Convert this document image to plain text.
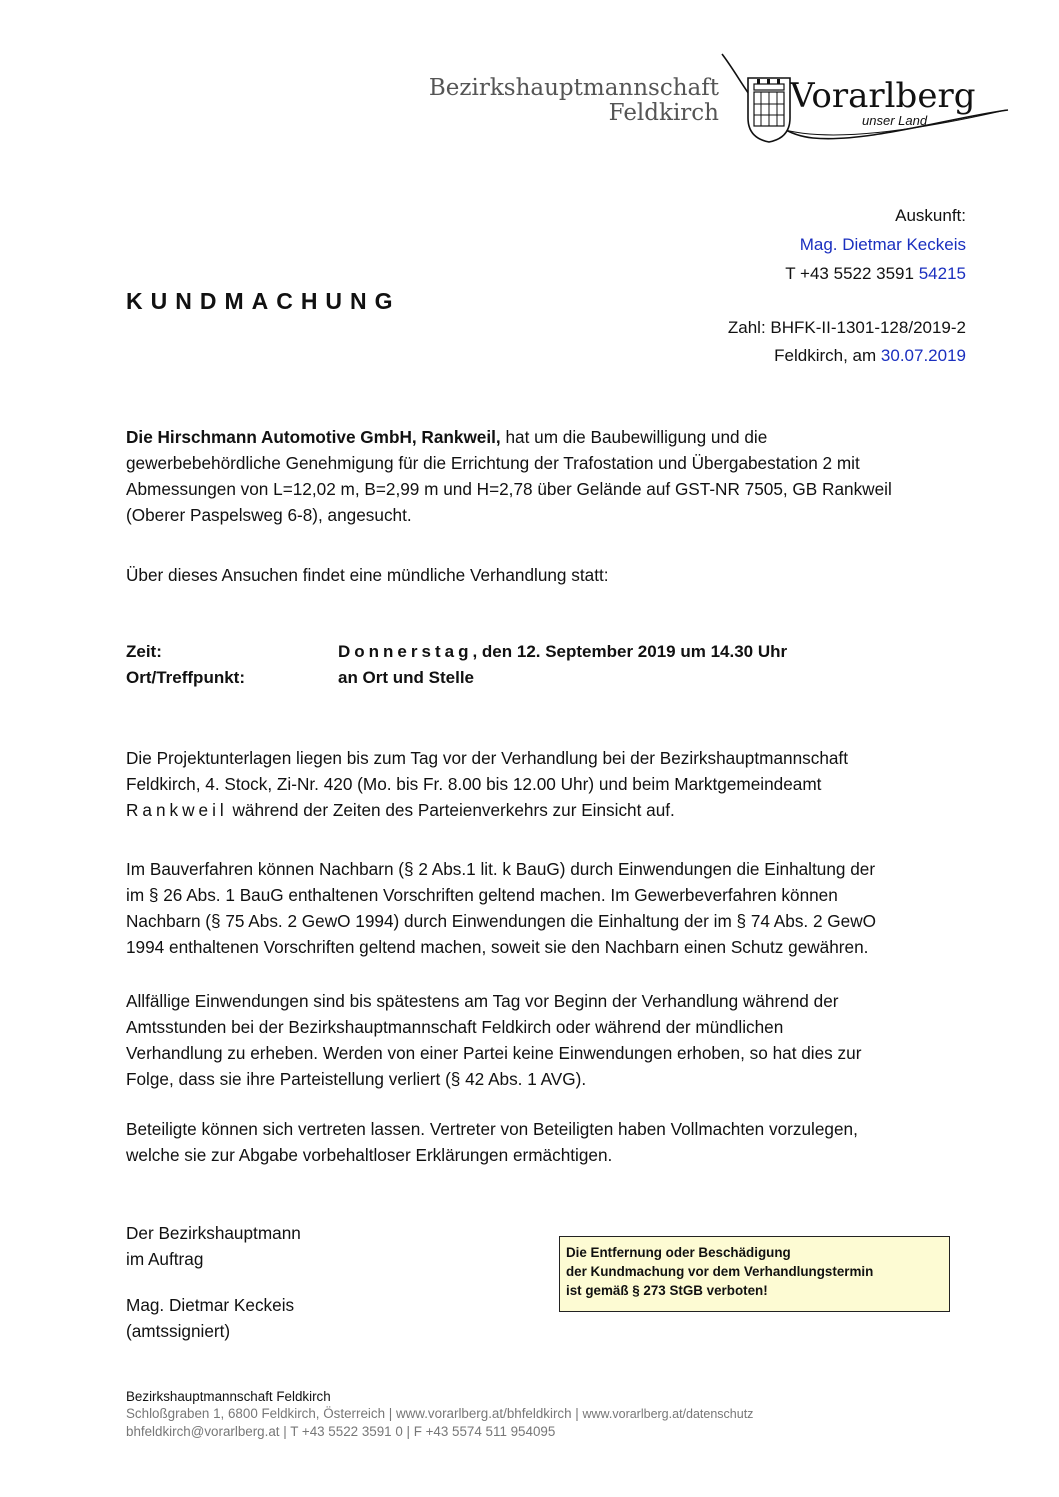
Bezirkshauptmannschaft
Feldkirch Vorarlberg
unser Land
Auskunft:
Mag. Dietmar Keckeis
T +43 5522 3591 54215
KUNDMACHUNG
Zahl: BHFK-II-1301-128/2019-2
Feldkirch, am 30.07.2019
Die Hirschmann Automotive GmbH, Rankweil, hat um die Baubewilligung und die
gewerbebehördliche Genehmigung für die Errichtung der Trafostation und Übergabestation 2 mit
Abmessungen von L=12,02 m, B=2,99 m und H=2,78 über Gelände auf GST-NR 7505, GB Rankweil
(Oberer Paspelsweg 6-8), angesucht.
Über dieses Ansuchen findet eine mündliche Verhandlung statt:
Zeit:	Donnerstag, den 12. September 2019 um 14.30 Uhr
Ort/Treffpunkt:	an Ort und Stelle
Die Projektunterlagen liegen bis zum Tag vor der Verhandlung bei der Bezirkshauptmannschaft
Feldkirch, 4. Stock, Zi-Nr. 420 (Mo. bis Fr. 8.00 bis 12.00 Uhr) und beim Marktgemeindeamt
Rankweil während der Zeiten des Parteienverkehrs zur Einsicht auf.
Im Bauverfahren können Nachbarn (§ 2 Abs.1 lit. k BauG) durch Einwendungen die Einhaltung der
im § 26 Abs. 1 BauG enthaltenen Vorschriften geltend machen. Im Gewerbeverfahren können
Nachbarn (§ 75 Abs. 2 GewO 1994) durch Einwendungen die Einhaltung der im § 74 Abs. 2 GewO
1994 enthaltenen Vorschriften geltend machen, soweit sie den Nachbarn einen Schutz gewähren.
Allfällige Einwendungen sind bis spätestens am Tag vor Beginn der Verhandlung während der
Amtsstunden bei der Bezirkshauptmannschaft Feldkirch oder während der mündlichen
Verhandlung zu erheben. Werden von einer Partei keine Einwendungen erhoben, so hat dies zur
Folge, dass sie ihre Parteistellung verliert (§ 42 Abs. 1 AVG).
Beteiligte können sich vertreten lassen. Vertreter von Beteiligten haben Vollmachten vorzulegen,
welche sie zur Abgabe vorbehaltloser Erklärungen ermächtigen.
Der Bezirkshauptmann
im Auftrag
Mag. Dietmar Keckeis
(amtssigniert)
Die Entfernung oder Beschädigung
der Kundmachung vor dem Verhandlungstermin
ist gemäß § 273 StGB verboten!
Bezirkshauptmannschaft Feldkirch
Schloßgraben 1, 6800 Feldkirch, Österreich | www.vorarlberg.at/bhfeldkirch | www.vorarlberg.at/datenschutz
bhfeldkirch@vorarlberg.at | T +43 5522 3591 0 | F +43 5574 511 954095
